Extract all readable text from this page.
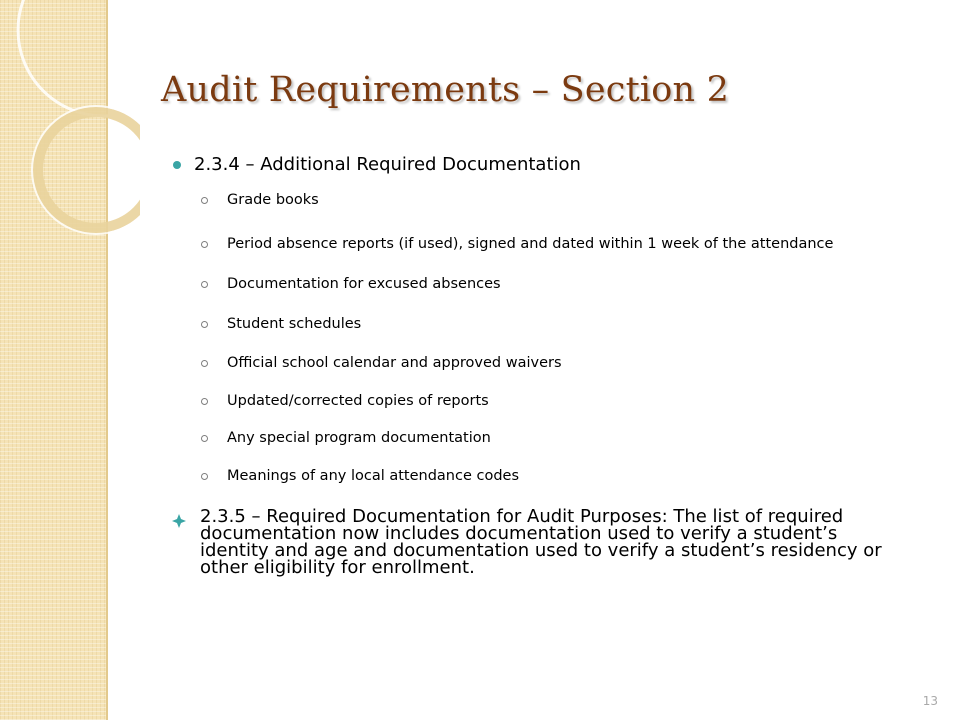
Audit Requirements – Section 2
2.3.4 – Additional Required Documentation
Grade books
Period absence reports (if used), signed and dated within 1 week of the attendance
Documentation for excused absences
Student schedules
Official school calendar and approved waivers
Updated/corrected copies of reports
Any special program documentation
Meanings of any local attendance codes
2.3.5 – Required Documentation for Audit Purposes: The list of required
documentation now includes documentation used to verify a student’s
identity and age and documentation used to verify a student’s residency or
other eligibility for enrollment.
13
